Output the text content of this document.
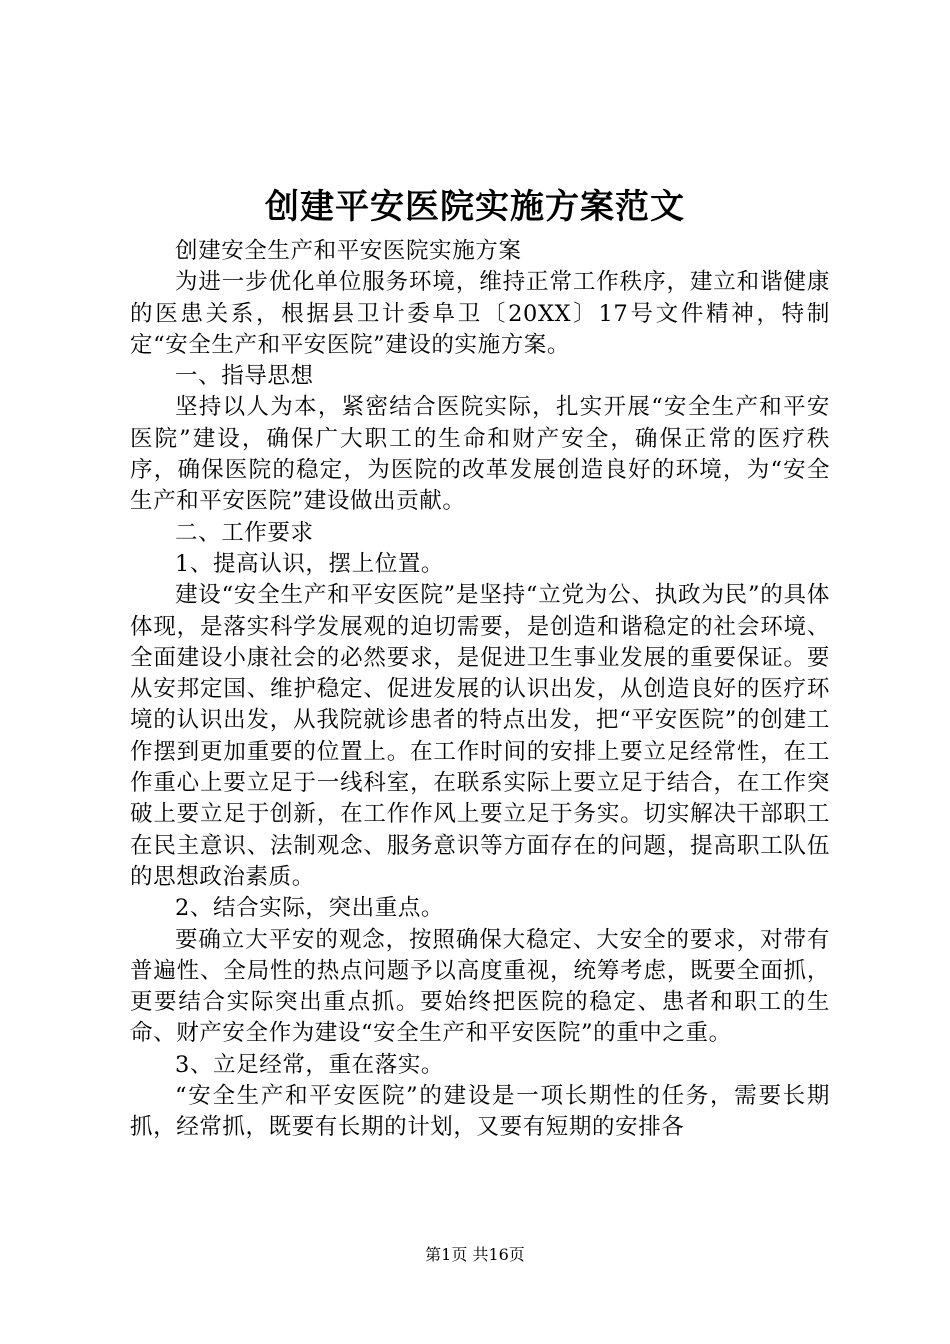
创建平安医院实施方案范文

创建安全生产和平安医院实施方案

为进一步优化单位服务环境，维持正常工作秩序，建立和谐健康的医患关系，根据县卫计委阜卫〔20XX〕17号文件精神，特制定“安全生产和平安医院”建设的实施方案。

一、指导思想

坚持以人为本，紧密结合医院实际，扎实开展“安全生产和平安医院”建设，确保广大职工的生命和财产安全，确保正常的医疗秩序，确保医院的稳定，为医院的改革发展创造良好的环境，为“安全生产和平安医院”建设做出贡献。

二、工作要求

1、提高认识，摆上位置。

建设“安全生产和平安医院”是坚持“立党为公、执政为民”的具体体现，是落实科学发展观的迫切需要，是创造和谐稳定的社会环境、全面建设小康社会的必然要求，是促进卫生事业发展的重要保证。要从安邦定国、维护稳定、促进发展的认识出发，从创造良好的医疗环境的认识出发，从我院就诊患者的特点出发，把“平安医院”的创建工作摆到更加重要的位置上。在工作时间的安排上要立足经常性，在工作重心上要立足于一线科室，在联系实际上要立足于结合，在工作突破上要立足于创新，在工作作风上要立足于务实。切实解决干部职工在民主意识、法制观念、服务意识等方面存在的问题，提高职工队伍的思想政治素质。

2、结合实际，突出重点。

要确立大平安的观念，按照确保大稳定、大安全的要求，对带有普遍性、全局性的热点问题予以高度重视，统筹考虑，既要全面抓，更要结合实际突出重点抓。要始终把医院的稳定、患者和职工的生命、财产安全作为建设“安全生产和平安医院”的重中之重。

3、立足经常，重在落实。

“安全生产和平安医院”的建设是一项长期性的任务，需要长期抓，经常抓，既要有长期的计划，又要有短期的安排各

第1页 共16页
